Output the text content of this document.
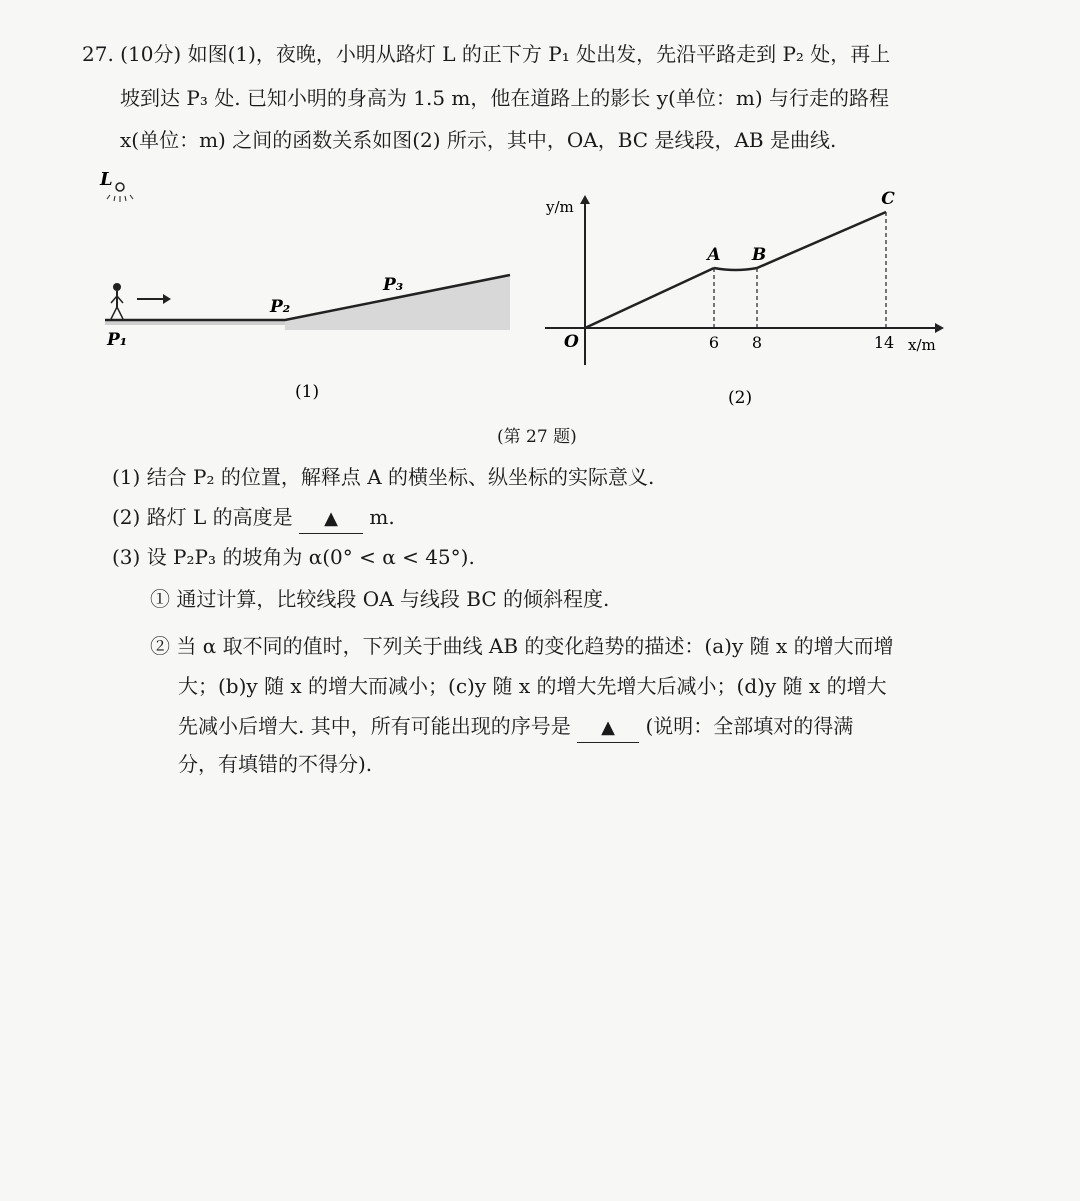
27. (10分) 如图(1)，夜晚，小明从路灯 L 的正下方 P₁ 处出发，先沿平路走到 P₂ 处，再上
坡到达 P₃ 处. 已知小明的身高为 1.5 m，他在道路上的影长 y(单位：m) 与行走的路程
x(单位：m) 之间的函数关系如图(2) 所示，其中，OA，BC 是线段，AB 是曲线.
L
P₁
P₂
P₃
(1)
y/m
x/m
O
A B
C
6 8	14
(2)
(第 27 题)
(1) 结合 P₂ 的位置，解释点 A 的横坐标、纵坐标的实际意义.
(2) 路灯 L 的高度是 ▲ m.
(3) 设 P₂P₃ 的坡角为 α(0° < α < 45°).
① 通过计算，比较线段 OA 与线段 BC 的倾斜程度.
② 当 α 取不同的值时，下列关于曲线 AB 的变化趋势的描述：(a)y 随 x 的增大而增
大；(b)y 随 x 的增大而减小；(c)y 随 x 的增大先增大后减小；(d)y 随 x 的增大
先减小后增大. 其中，所有可能出现的序号是 ▲ (说明：全部填对的得满
分，有填错的不得分).
